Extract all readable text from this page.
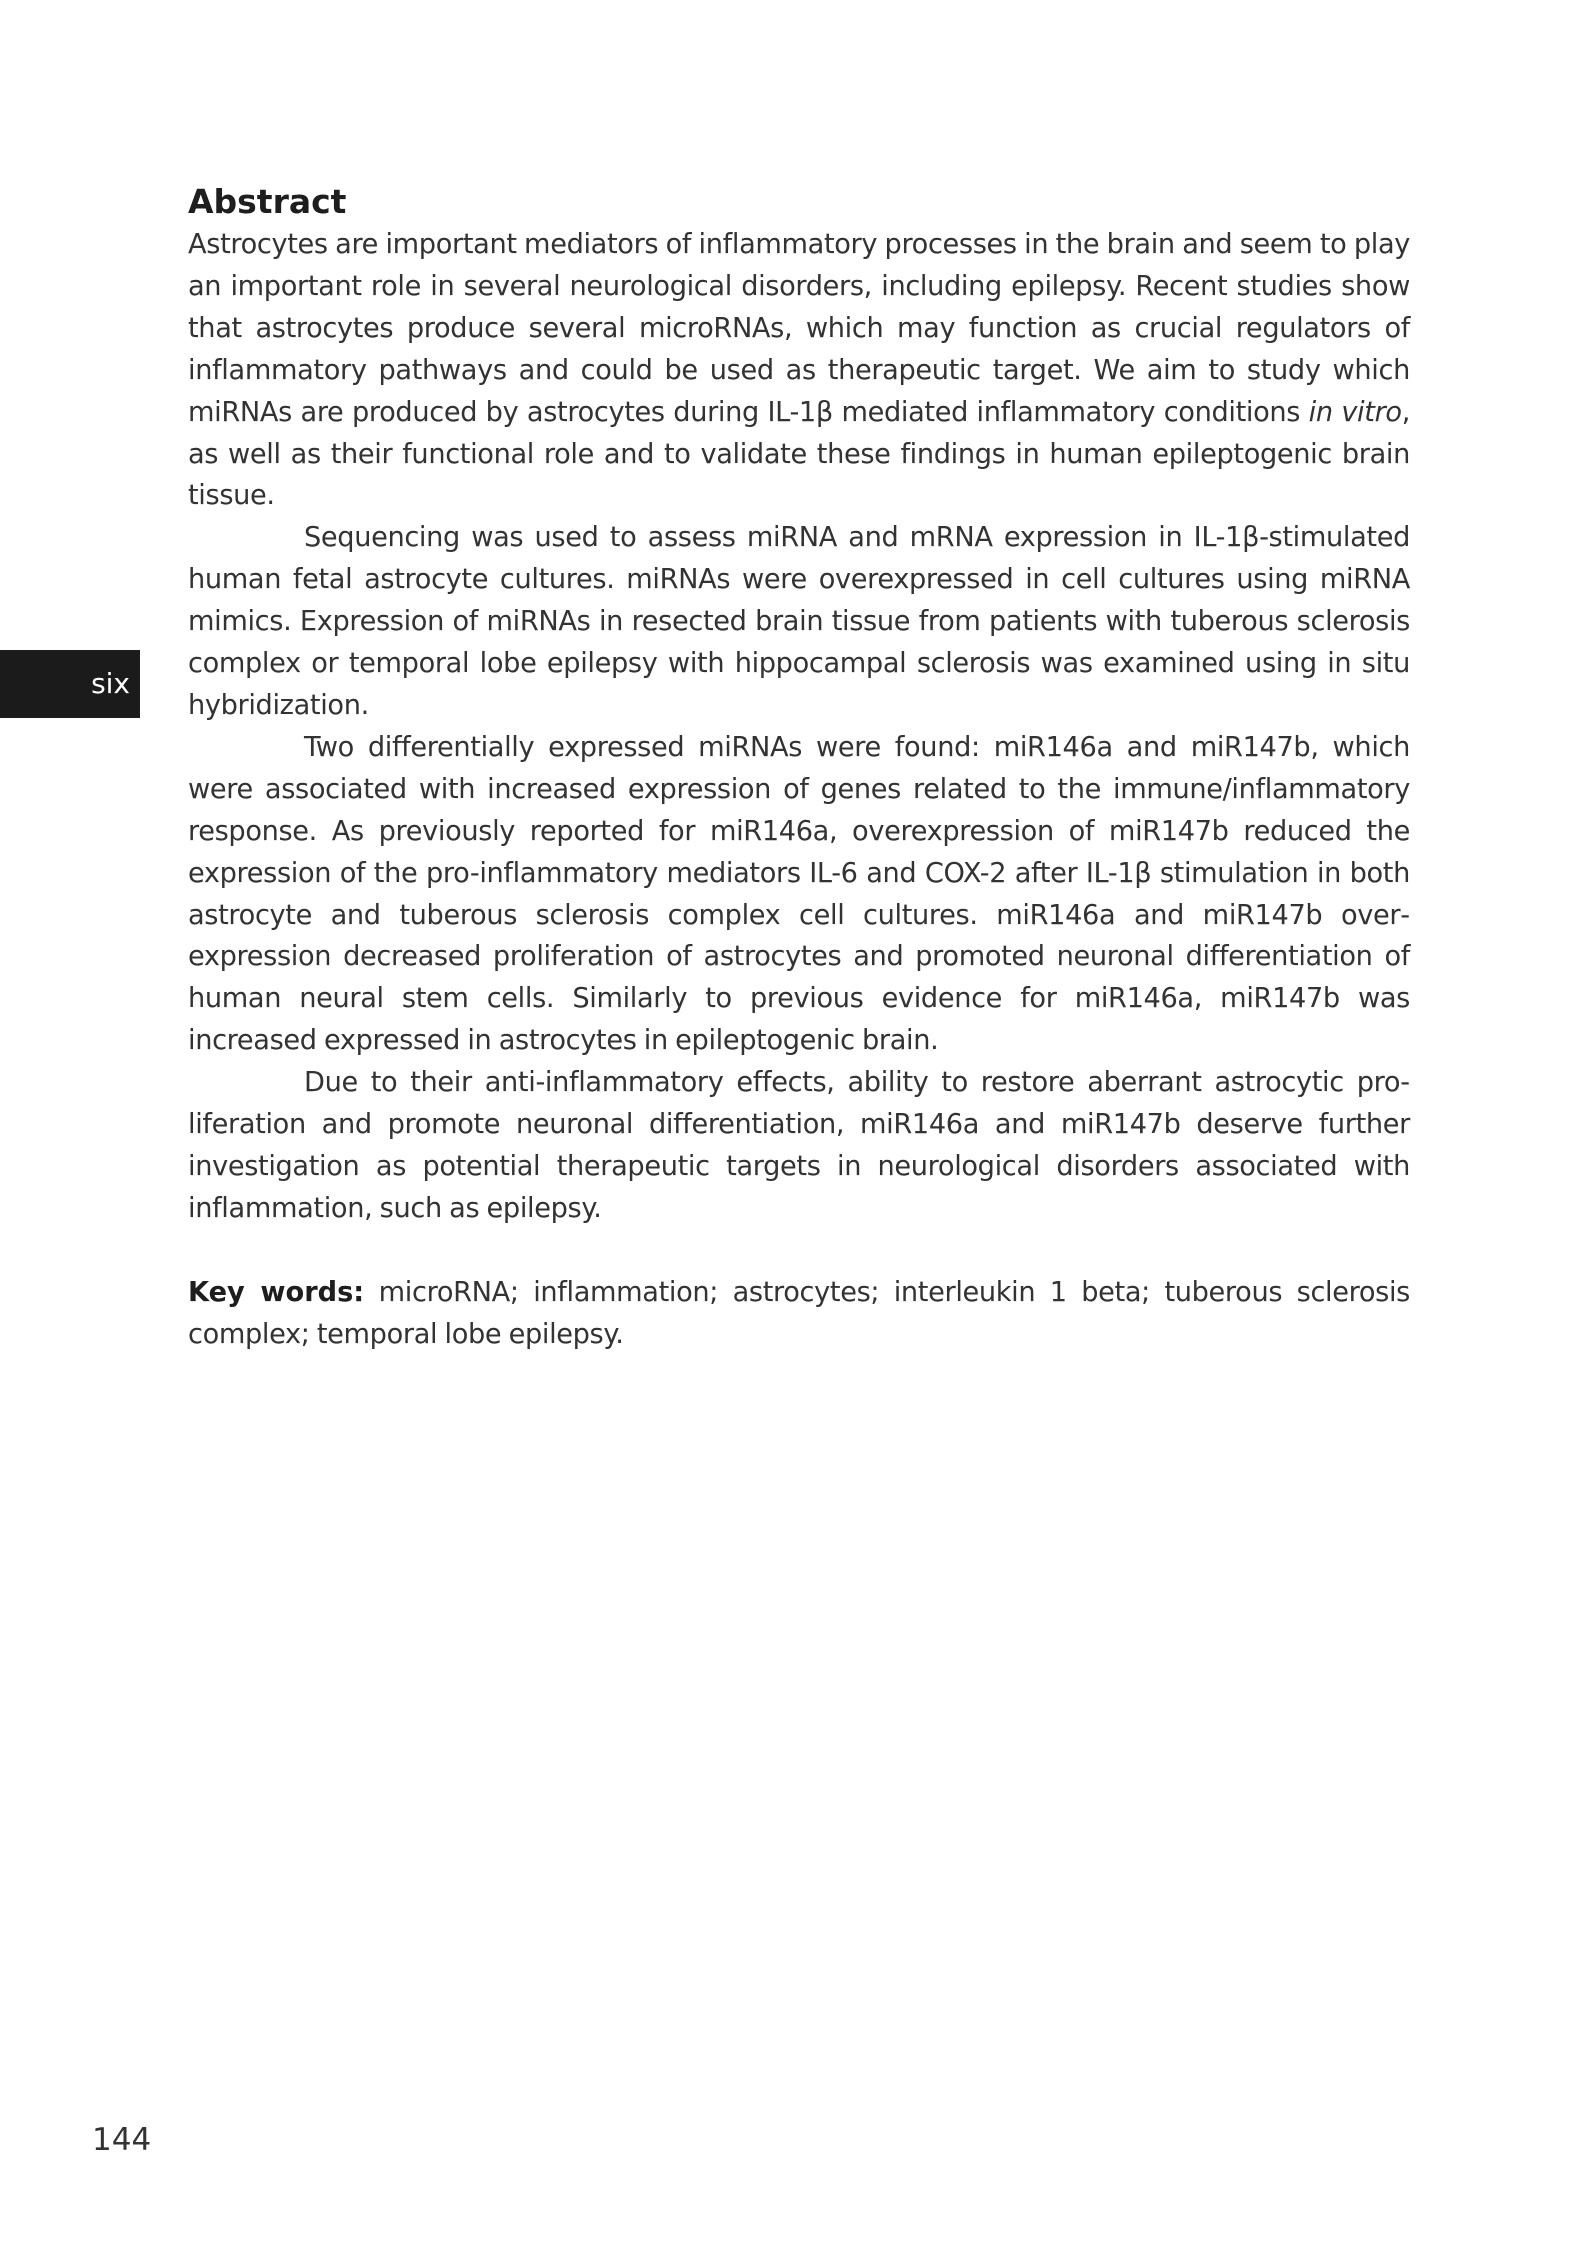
six
Abstract

Astrocytes are important mediators of inflammatory processes in the brain and seem to play an important role in several neurological disorders, including epilepsy. Recent studies show that astrocytes produce several microRNAs, which may function as crucial regulators of inflammatory pathways and could be used as therapeutic target. We aim to study which miRNAs are produced by astrocytes during IL-1β mediated inflammatory conditions in vitro, as well as their functional role and to validate these findings in human epileptogenic brain tissue.

Sequencing was used to assess miRNA and mRNA expression in IL-1β-stimulated human fetal astrocyte cultures. miRNAs were overexpressed in cell cultures using miRNA mimics. Expression of miRNAs in resected brain tissue from patients with tuberous sclerosis complex or temporal lobe epilepsy with hippocampal sclerosis was examined using in situ hybridization.

Two differentially expressed miRNAs were found: miR146a and miR147b, which were associated with increased expression of genes related to the immune/inflammatory response. As previously reported for miR146a, overexpression of miR147b reduced the expression of the pro-inflammatory mediators IL-6 and COX-2 after IL-1β stimulation in both astrocyte and tuberous sclerosis complex cell cultures. miR146a and miR147b overexpression decreased proliferation of astrocytes and promoted neuronal differentiation of human neural stem cells. Similarly to previous evidence for miR146a, miR147b was increased expressed in astrocytes in epileptogenic brain.

Due to their anti-inflammatory effects, ability to restore aberrant astrocytic proliferation and promote neuronal differentiation, miR146a and miR147b deserve further investigation as potential therapeutic targets in neurological disorders associated with inflammation, such as epilepsy.

Key words: microRNA; inflammation; astrocytes; interleukin 1 beta; tuberous sclerosis complex; temporal lobe epilepsy.

144
